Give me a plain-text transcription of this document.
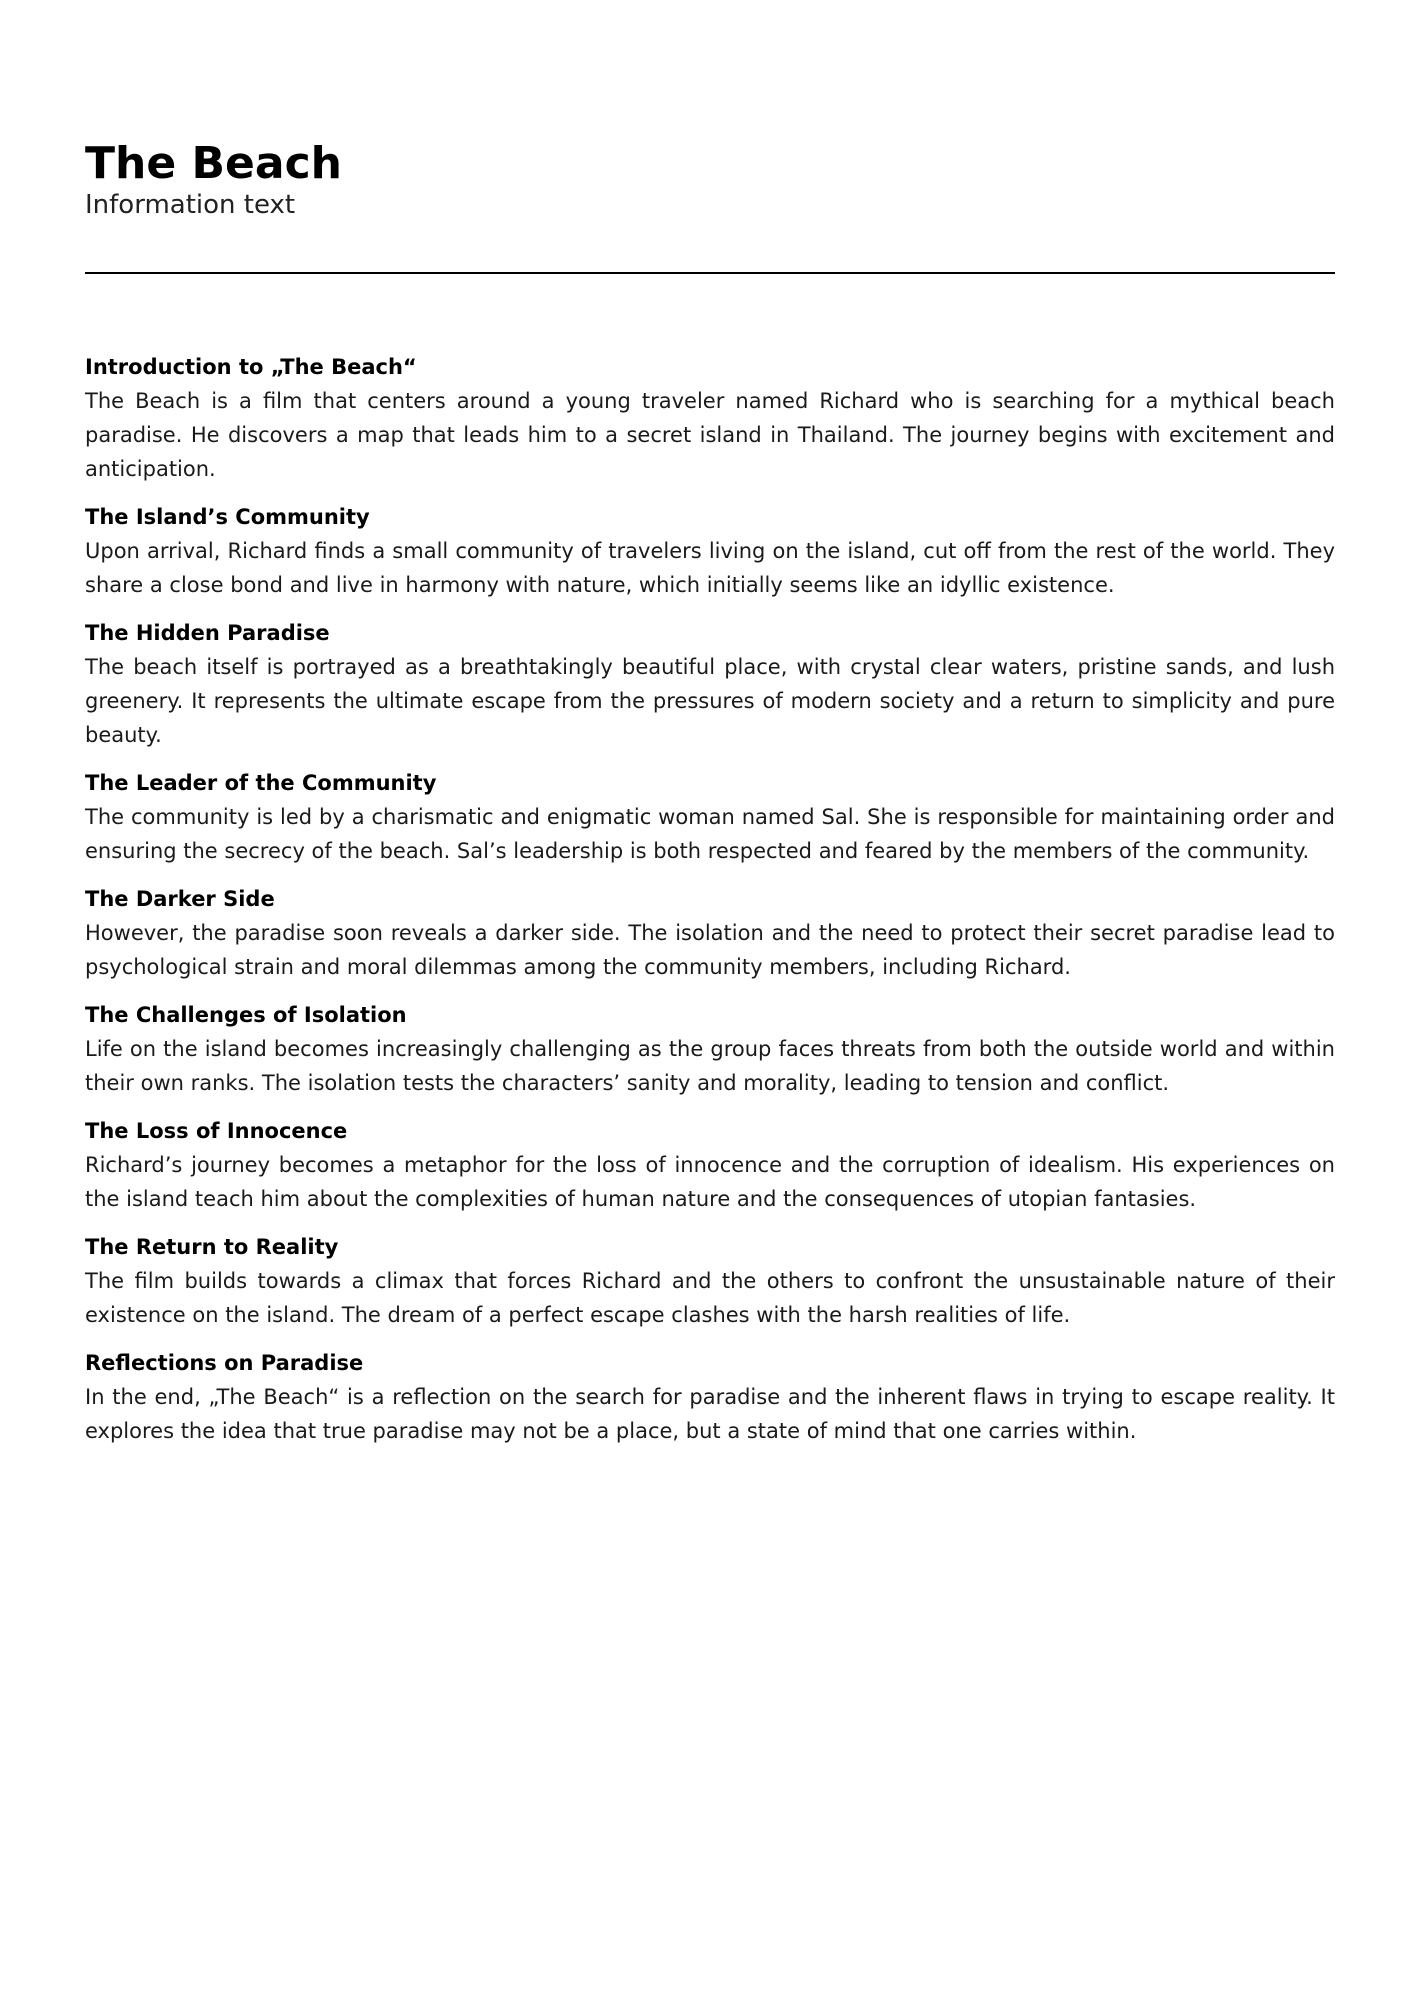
The Beach

Information text

Introduction to „The Beach“

The Beach is a film that centers around a young traveler named Richard who is searching for a mythical beach paradise. He discovers a map that leads him to a secret island in Thailand. The journey begins with excitement and anticipation.

The Island’s Community

Upon arrival, Richard finds a small community of travelers living on the island, cut off from the rest of the world. They share a close bond and live in harmony with nature, which initially seems like an idyllic existence.

The Hidden Paradise

The beach itself is portrayed as a breathtakingly beautiful place, with crystal clear waters, pristine sands, and lush greenery. It represents the ultimate escape from the pressures of modern society and a return to simplicity and pure beauty.

The Leader of the Community

The community is led by a charismatic and enigmatic woman named Sal. She is responsible for maintaining order and ensuring the secrecy of the beach. Sal’s leadership is both respected and feared by the members of the community.

The Darker Side

However, the paradise soon reveals a darker side. The isolation and the need to protect their secret paradise lead to psychological strain and moral dilemmas among the community members, including Richard.

The Challenges of Isolation

Life on the island becomes increasingly challenging as the group faces threats from both the outside world and within their own ranks. The isolation tests the characters’ sanity and morality, leading to tension and conflict.

The Loss of Innocence

Richard’s journey becomes a metaphor for the loss of innocence and the corruption of idealism. His experiences on the island teach him about the complexities of human nature and the consequences of utopian fantasies.

The Return to Reality

The film builds towards a climax that forces Richard and the others to confront the unsustainable nature of their existence on the island. The dream of a perfect escape clashes with the harsh realities of life.

Reflections on Paradise

In the end, „The Beach“ is a reflection on the search for paradise and the inherent flaws in trying to escape reality. It explores the idea that true paradise may not be a place, but a state of mind that one carries within.
